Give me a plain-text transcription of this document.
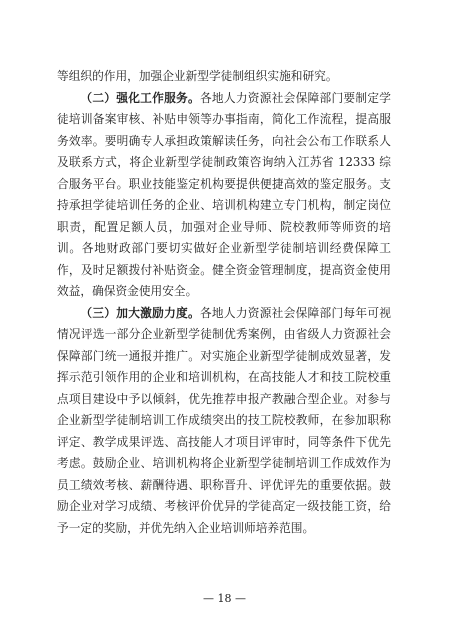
等组织的作用，加强企业新型学徒制组织实施和研究。

（二）强化工作服务。各地人力资源社会保障部门要制定学徒培训备案审核、补贴申领等办事指南，简化工作流程，提高服务效率。要明确专人承担政策解读任务，向社会公布工作联系人及联系方式，将企业新型学徒制政策咨询纳入江苏省 12333 综合服务平台。职业技能鉴定机构要提供便捷高效的鉴定服务。支持承担学徒培训任务的企业、培训机构建立专门机构，制定岗位职责，配置足额人员，加强对企业导师、院校教师等师资的培训。各地财政部门要切实做好企业新型学徒制培训经费保障工作，及时足额拨付补贴资金。健全资金管理制度，提高资金使用效益，确保资金使用安全。

（三）加大激励力度。各地人力资源社会保障部门每年可视情况评选一部分企业新型学徒制优秀案例，由省级人力资源社会保障部门统一通报并推广。对实施企业新型学徒制成效显著，发挥示范引领作用的企业和培训机构，在高技能人才和技工院校重点项目建设中予以倾斜，优先推荐申报产教融合型企业。对参与企业新型学徒制培训工作成绩突出的技工院校教师，在参加职称评定、教学成果评选、高技能人才项目评审时，同等条件下优先考虑。鼓励企业、培训机构将企业新型学徒制培训工作成效作为员工绩效考核、薪酬待遇、职称晋升、评优评先的重要依据。鼓励企业对学习成绩、考核评价优异的学徒高定一级技能工资，给予一定的奖励，并优先纳入企业培训师培养范围。

— 18 —
